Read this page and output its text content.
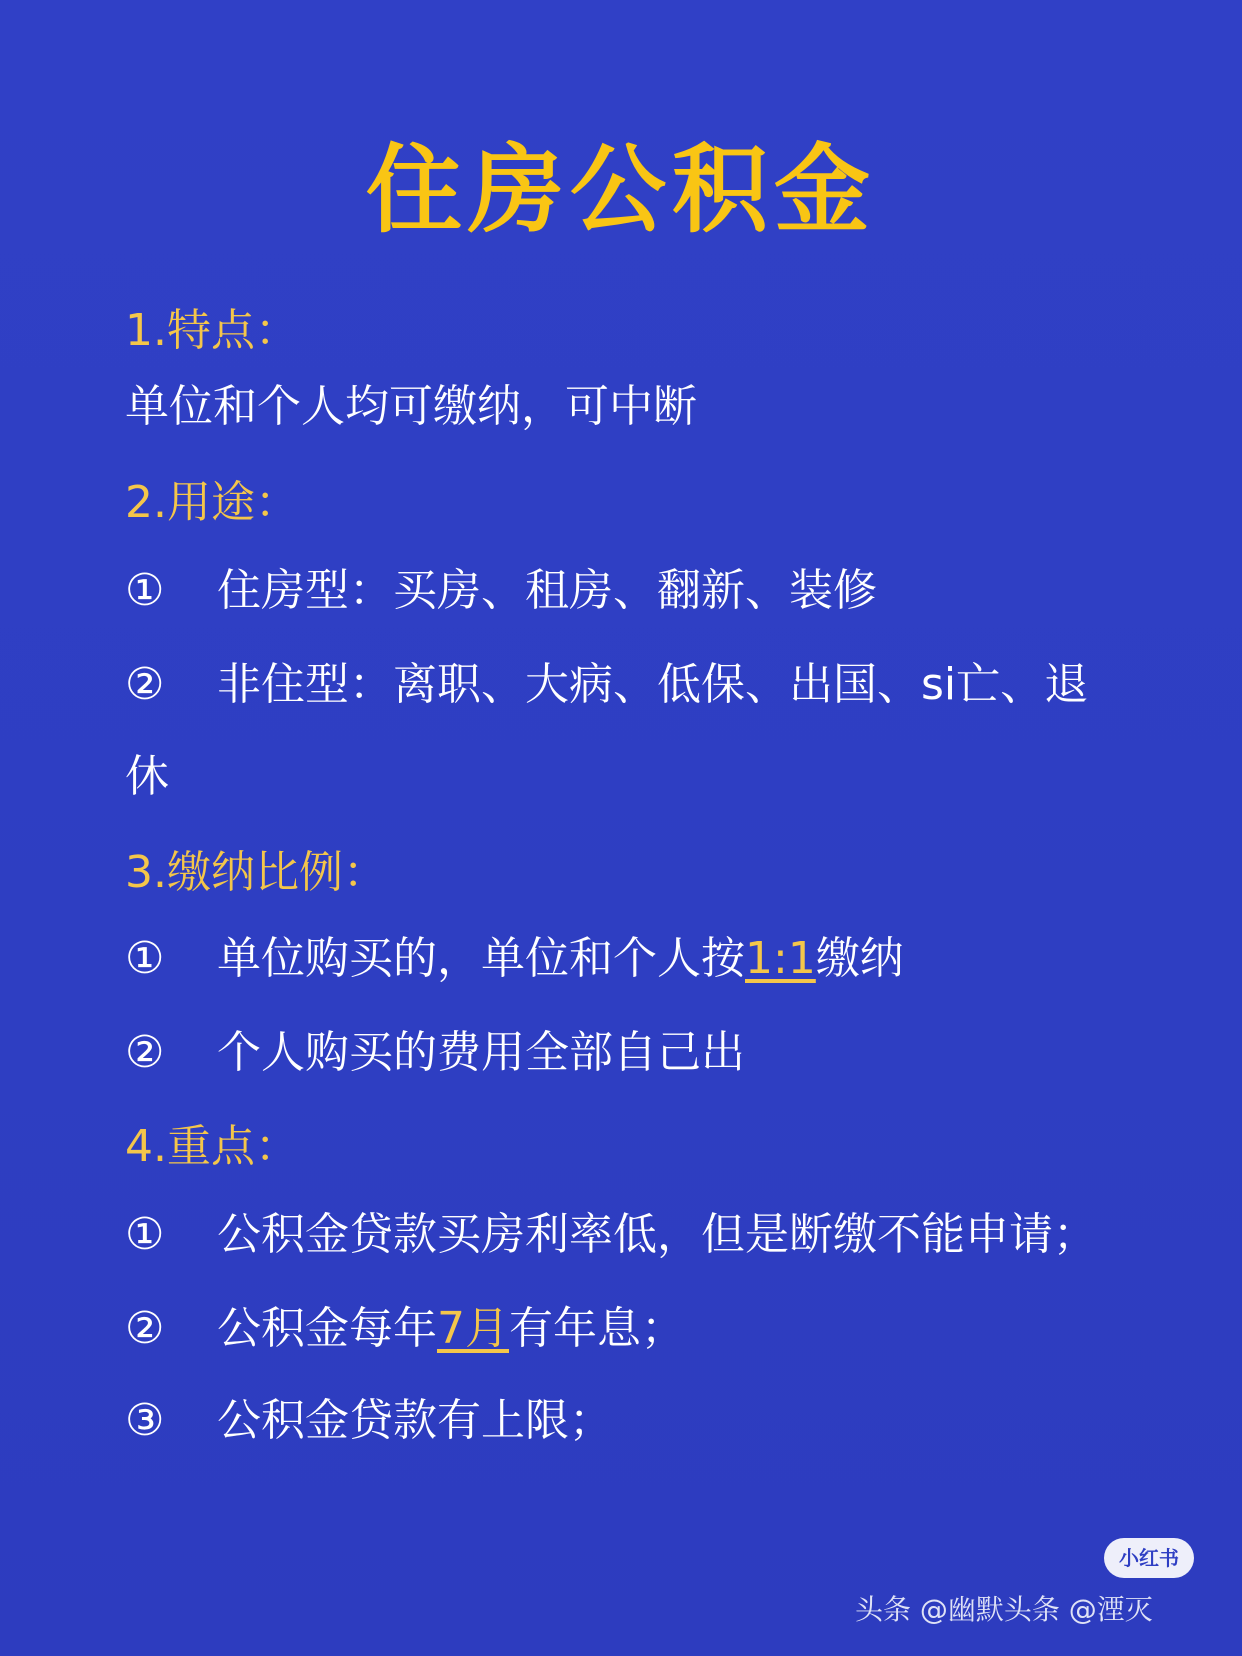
住房公积金
1.特点：
单位和个人均可缴纳，可中断
2.用途：
① 住房型：买房、租房、翻新、装修
② 非住型：离职、大病、低保、出国、si亡、退
休
3.缴纳比例：
① 单位购买的，单位和个人按1:1缴纳
② 个人购买的费用全部自己出
4.重点：
① 公积金贷款买房利率低，但是断缴不能申请；
② 公积金每年7月有年息；
③ 公积金贷款有上限；
小红书
头条 @幽默头条 @湮灭
